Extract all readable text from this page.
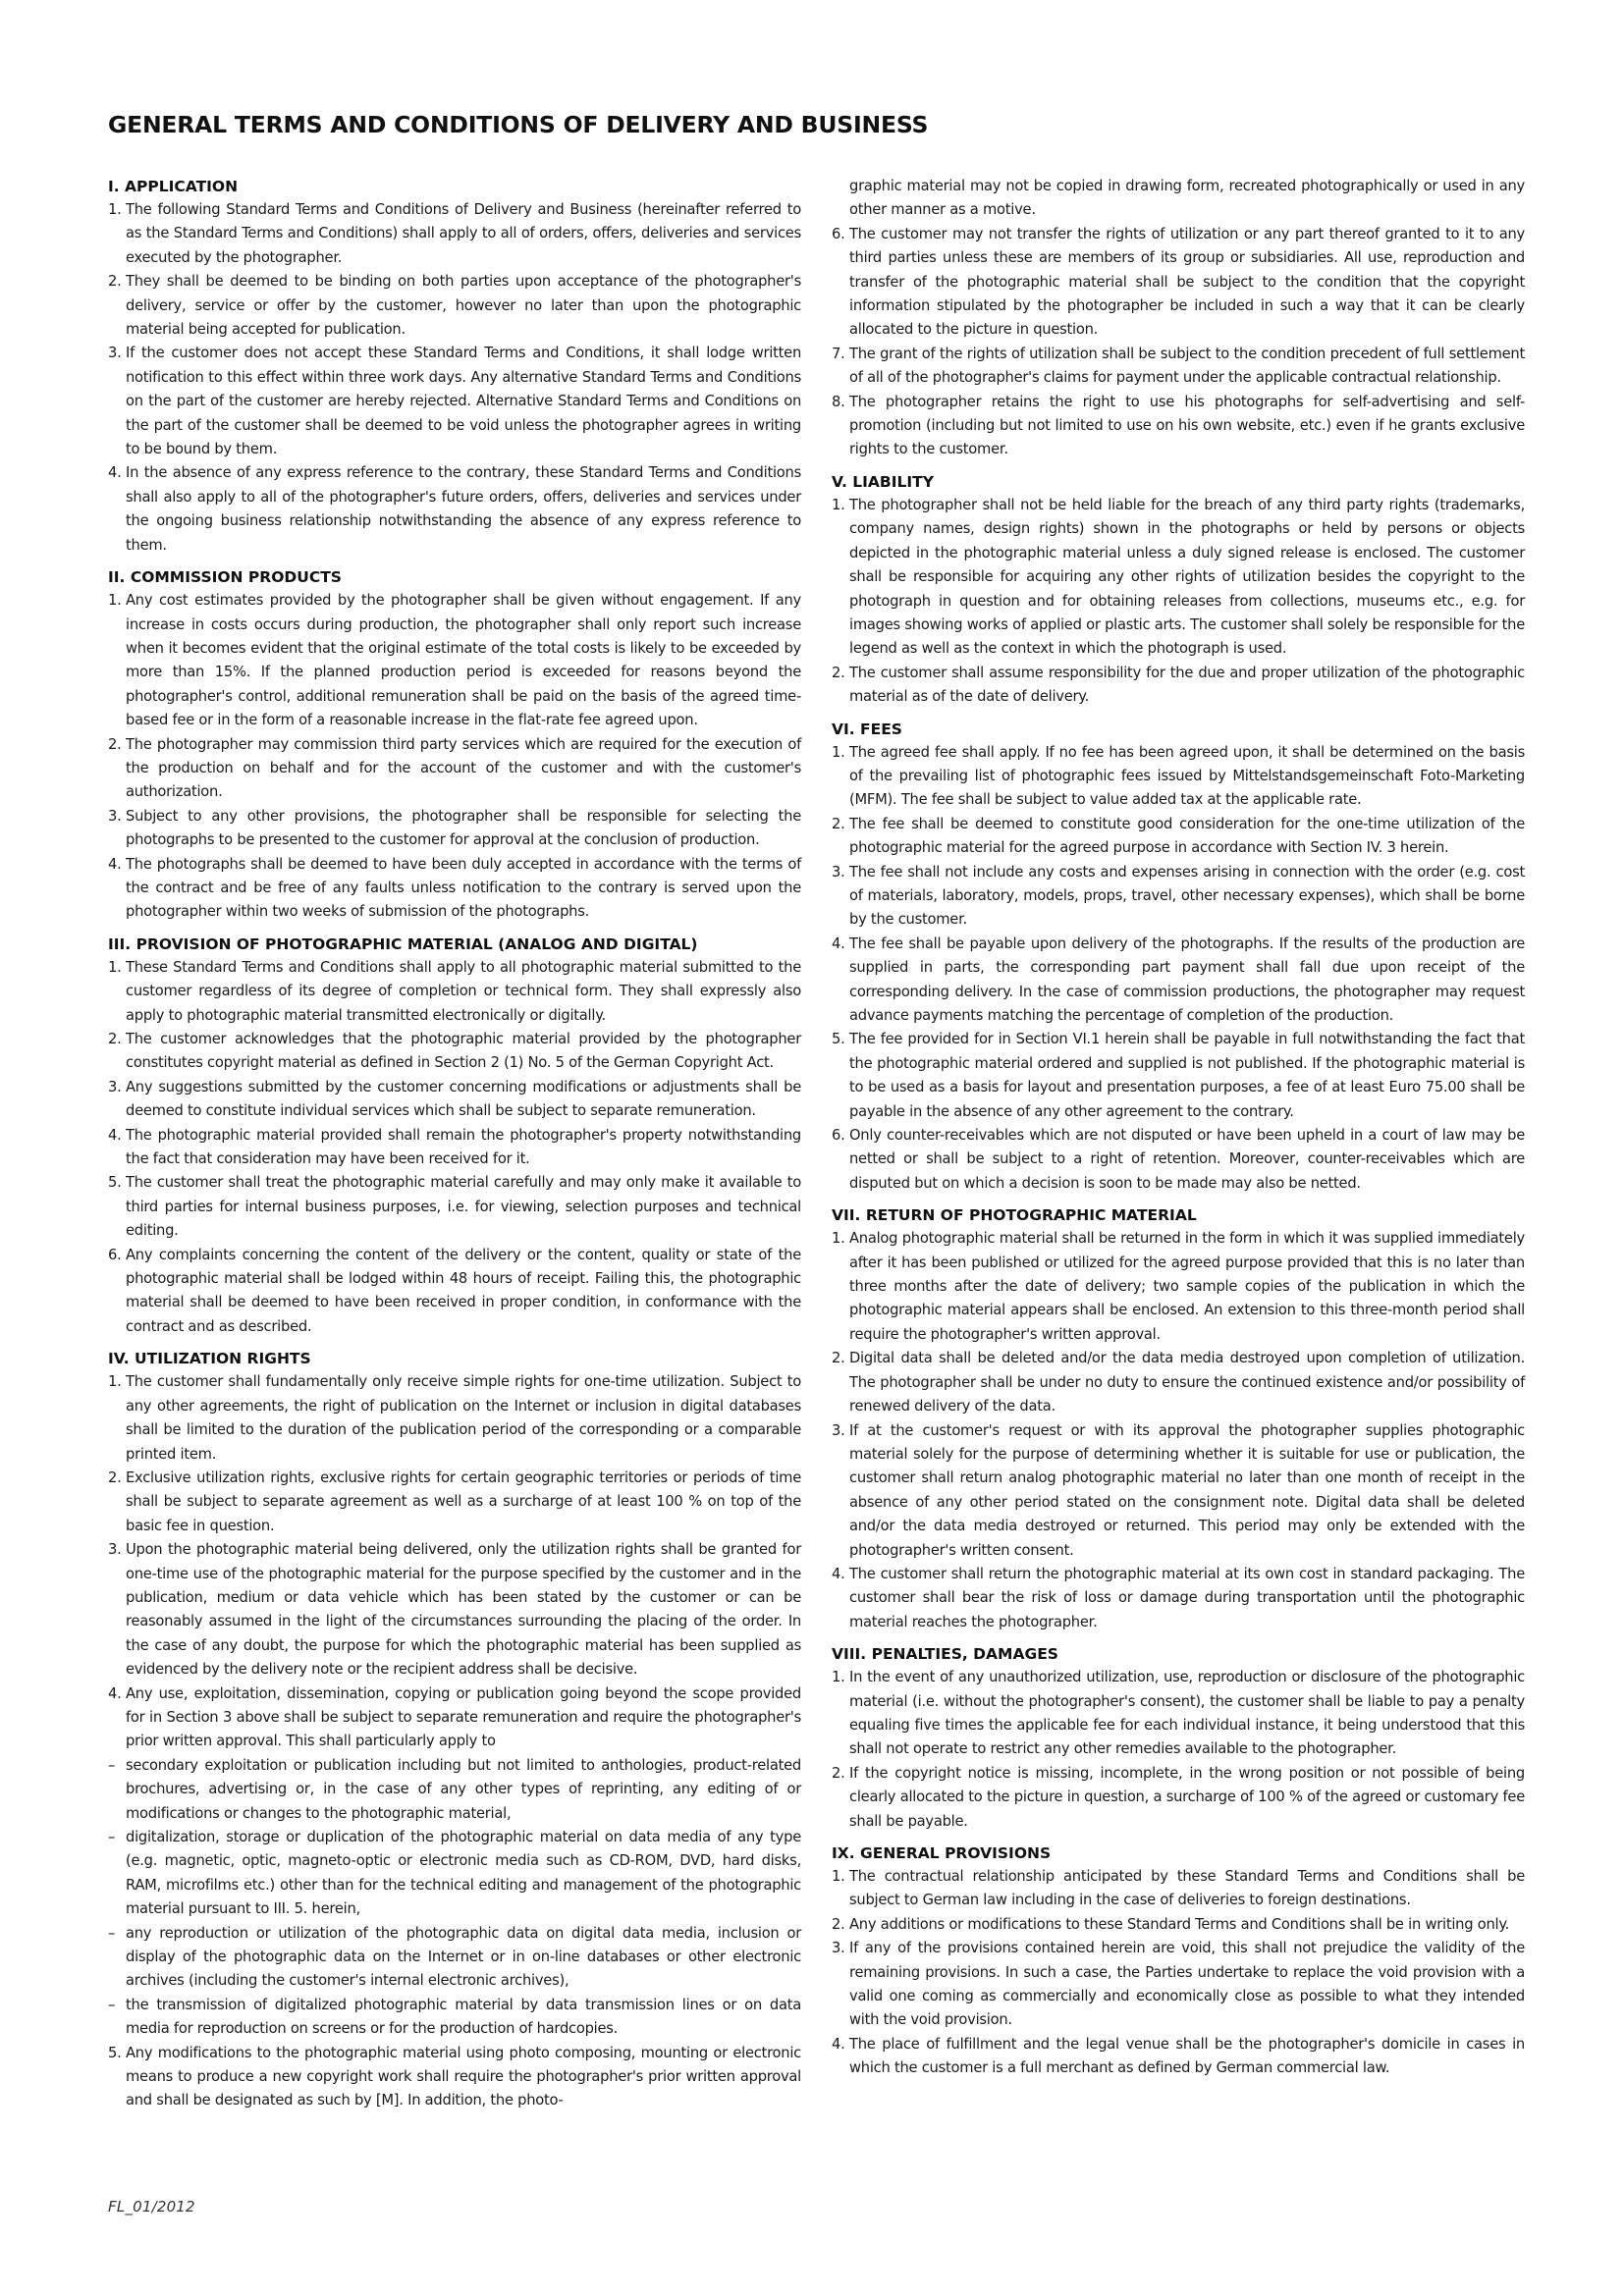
GENERAL TERMS AND CONDITIONS OF DELIVERY AND BUSINESS
I. APPLICATION
1. The following Standard Terms and Conditions of Delivery and Business (hereinafter referred to as the Standard Terms and Conditions) shall apply to all of orders, offers, deliveries and services executed by the photographer.
2. They shall be deemed to be binding on both parties upon acceptance of the photographer's delivery, service or offer by the customer, however no later than upon the photographic material being accepted for publication.
3. If the customer does not accept these Standard Terms and Conditions, it shall lodge written notification to this effect within three work days. Any alternative Standard Terms and Conditions on the part of the customer are hereby rejected. Alternative Standard Terms and Conditions on the part of the customer shall be deemed to be void unless the photographer agrees in writing to be bound by them.
4. In the absence of any express reference to the contrary, these Standard Terms and Conditions shall also apply to all of the photographer's future orders, offers, deliveries and services under the ongoing business relationship notwithstanding the absence of any express reference to them.
II. COMMISSION PRODUCTS
1. Any cost estimates provided by the photographer shall be given without engagement. If any increase in costs occurs during production, the photographer shall only report such increase when it becomes evident that the original estimate of the total costs is likely to be exceeded by more than 15%. If the planned production period is exceeded for reasons beyond the photographer's control, additional remuneration shall be paid on the basis of the agreed time-based fee or in the form of a reasonable increase in the flat-rate fee agreed upon.
2. The photographer may commission third party services which are required for the execution of the production on behalf and for the account of the customer and with the customer's authorization.
3. Subject to any other provisions, the photographer shall be responsible for selecting the photographs to be presented to the customer for approval at the conclusion of production.
4. The photographs shall be deemed to have been duly accepted in accordance with the terms of the contract and be free of any faults unless notification to the contrary is served upon the photographer within two weeks of submission of the photographs.
III. PROVISION OF PHOTOGRAPHIC MATERIAL (ANALOG AND DIGITAL)
1. These Standard Terms and Conditions shall apply to all photographic material submitted to the customer regardless of its degree of completion or technical form. They shall expressly also apply to photographic material transmitted electronically or digitally.
2. The customer acknowledges that the photographic material provided by the photographer constitutes copyright material as defined in Section 2 (1) No. 5 of the German Copyright Act.
3. Any suggestions submitted by the customer concerning modifications or adjustments shall be deemed to constitute individual services which shall be subject to separate remuneration.
4. The photographic material provided shall remain the photographer's property notwithstanding the fact that consideration may have been received for it.
5. The customer shall treat the photographic material carefully and may only make it available to third parties for internal business purposes, i.e. for viewing, selection purposes and technical editing.
6. Any complaints concerning the content of the delivery or the content, quality or state of the photographic material shall be lodged within 48 hours of receipt. Failing this, the photographic material shall be deemed to have been received in proper condition, in conformance with the contract and as described.
IV. UTILIZATION RIGHTS
1. The customer shall fundamentally only receive simple rights for one-time utilization. Subject to any other agreements, the right of publication on the Internet or inclusion in digital databases shall be limited to the duration of the publication period of the corresponding or a comparable printed item.
2. Exclusive utilization rights, exclusive rights for certain geographic territories or periods of time shall be subject to separate agreement as well as a surcharge of at least 100 % on top of the basic fee in question.
3. Upon the photographic material being delivered, only the utilization rights shall be granted for one-time use of the photographic material for the purpose specified by the customer and in the publication, medium or data vehicle which has been stated by the customer or can be reasonably assumed in the light of the circumstances surrounding the placing of the order. In the case of any doubt, the purpose for which the photographic material has been supplied as evidenced by the delivery note or the recipient address shall be decisive.
4. Any use, exploitation, dissemination, copying or publication going beyond the scope provided for in Section 3 above shall be subject to separate remuneration and require the photographer's prior written approval. This shall particularly apply to
– secondary exploitation or publication including but not limited to anthologies, product-related brochures, advertising or, in the case of any other types of reprinting, any editing of or modifications or changes to the photographic material,
– digitalization, storage or duplication of the photographic material on data media of any type (e.g. magnetic, optic, magneto-optic or electronic media such as CD-ROM, DVD, hard disks, RAM, microfilms etc.) other than for the technical editing and management of the photographic material pursuant to III. 5. herein,
– any reproduction or utilization of the photographic data on digital data media, inclusion or display of the photographic data on the Internet or in on-line databases or other electronic archives (including the customer's internal electronic archives),
– the transmission of digitalized photographic material by data transmission lines or on data media for reproduction on screens or for the production of hardcopies.
5. Any modifications to the photographic material using photo composing, mounting or electronic means to produce a new copyright work shall require the photographer's prior written approval and shall be designated as such by [M]. In addition, the photo-
graphic material may not be copied in drawing form, recreated photographically or used in any other manner as a motive.
6. The customer may not transfer the rights of utilization or any part thereof granted to it to any third parties unless these are members of its group or subsidiaries. All use, reproduction and transfer of the photographic material shall be subject to the condition that the copyright information stipulated by the photographer be included in such a way that it can be clearly allocated to the picture in question.
7. The grant of the rights of utilization shall be subject to the condition precedent of full settlement of all of the photographer's claims for payment under the applicable contractual relationship.
8. The photographer retains the right to use his photographs for self-advertising and self-promotion (including but not limited to use on his own website, etc.) even if he grants exclusive rights to the customer.
V. LIABILITY
1. The photographer shall not be held liable for the breach of any third party rights (trademarks, company names, design rights) shown in the photographs or held by persons or objects depicted in the photographic material unless a duly signed release is enclosed. The customer shall be responsible for acquiring any other rights of utilization besides the copyright to the photograph in question and for obtaining releases from collections, museums etc., e.g. for images showing works of applied or plastic arts. The customer shall solely be responsible for the legend as well as the context in which the photograph is used.
2. The customer shall assume responsibility for the due and proper utilization of the photographic material as of the date of delivery.
VI. FEES
1. The agreed fee shall apply. If no fee has been agreed upon, it shall be determined on the basis of the prevailing list of photographic fees issued by Mittelstandsgemeinschaft Foto-Marketing (MFM). The fee shall be subject to value added tax at the applicable rate.
2. The fee shall be deemed to constitute good consideration for the one-time utilization of the photographic material for the agreed purpose in accordance with Section IV. 3 herein.
3. The fee shall not include any costs and expenses arising in connection with the order (e.g. cost of materials, laboratory, models, props, travel, other necessary expenses), which shall be borne by the customer.
4. The fee shall be payable upon delivery of the photographs. If the results of the production are supplied in parts, the corresponding part payment shall fall due upon receipt of the corresponding delivery. In the case of commission productions, the photographer may request advance payments matching the percentage of completion of the production.
5. The fee provided for in Section VI.1 herein shall be payable in full notwithstanding the fact that the photographic material ordered and supplied is not published. If the photographic material is to be used as a basis for layout and presentation purposes, a fee of at least Euro 75.00 shall be payable in the absence of any other agreement to the contrary.
6. Only counter-receivables which are not disputed or have been upheld in a court of law may be netted or shall be subject to a right of retention. Moreover, counter-receivables which are disputed but on which a decision is soon to be made may also be netted.
VII. RETURN OF PHOTOGRAPHIC MATERIAL
1. Analog photographic material shall be returned in the form in which it was supplied immediately after it has been published or utilized for the agreed purpose provided that this is no later than three months after the date of delivery; two sample copies of the publication in which the photographic material appears shall be enclosed. An extension to this three-month period shall require the photographer's written approval.
2. Digital data shall be deleted and/or the data media destroyed upon completion of utilization. The photographer shall be under no duty to ensure the continued existence and/or possibility of renewed delivery of the data.
3. If at the customer's request or with its approval the photographer supplies photographic material solely for the purpose of determining whether it is suitable for use or publication, the customer shall return analog photographic material no later than one month of receipt in the absence of any other period stated on the consignment note. Digital data shall be deleted and/or the data media destroyed or returned. This period may only be extended with the photographer's written consent.
4. The customer shall return the photographic material at its own cost in standard packaging. The customer shall bear the risk of loss or damage during transportation until the photographic material reaches the photographer.
VIII. PENALTIES, DAMAGES
1. In the event of any unauthorized utilization, use, reproduction or disclosure of the photographic material (i.e. without the photographer's consent), the customer shall be liable to pay a penalty equaling five times the applicable fee for each individual instance, it being understood that this shall not operate to restrict any other remedies available to the photographer.
2. If the copyright notice is missing, incomplete, in the wrong position or not possible of being clearly allocated to the picture in question, a surcharge of 100 % of the agreed or customary fee shall be payable.
IX. GENERAL PROVISIONS
1. The contractual relationship anticipated by these Standard Terms and Conditions shall be subject to German law including in the case of deliveries to foreign destinations.
2. Any additions or modifications to these Standard Terms and Conditions shall be in writing only.
3. If any of the provisions contained herein are void, this shall not prejudice the validity of the remaining provisions. In such a case, the Parties undertake to replace the void provision with a valid one coming as commercially and economically close as possible to what they intended with the void provision.
4. The place of fulfillment and the legal venue shall be the photographer's domicile in cases in which the customer is a full merchant as defined by German commercial law.
FL_01/2012
